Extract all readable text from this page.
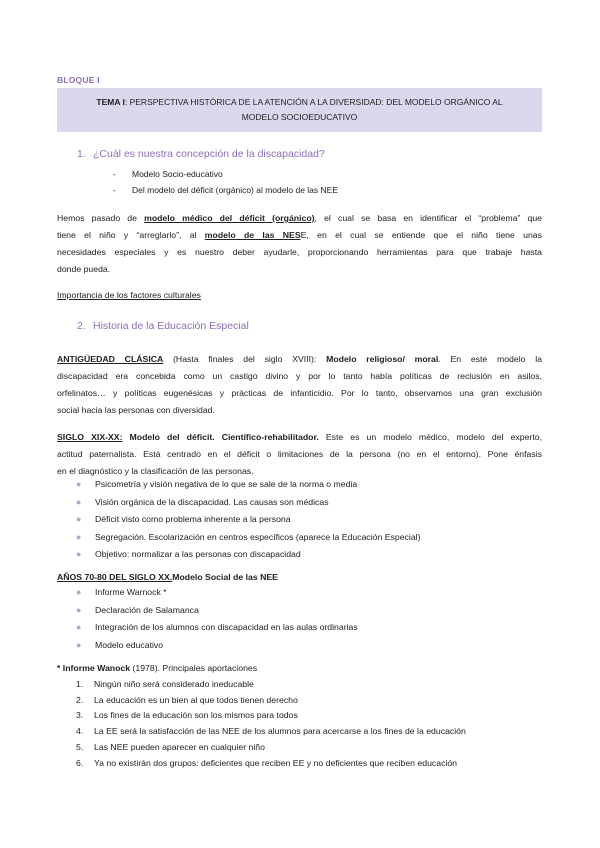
BLOQUE I
TEMA I: PERSPECTIVA HISTÓRICA DE LA ATENCIÓN A LA DIVERSIDAD: DEL MODELO ORGÁNICO AL
MODELO SOCIOEDUCATIVO
1. ¿Cuál es nuestra concepción de la discapacidad?
- Modelo Socio-educativo
- Del modelo del déficit (orgánico) al modelo de las NEE
Hemos pasado de modelo médico del déficit (orgánico), el cual se basa en identificar el “problema” que
tiene el niño y “arreglarlo”, al modelo de las NESE, en el cual se entiende que el niño tiene unas
necesidades especiales y es nuestro deber ayudarle, proporcionando herramientas para que trabaje hasta
donde pueda.
Importancia de los factores culturales
2. Historia de la Educación Especial
ANTIGÜEDAD CLÁSICA (Hasta finales del siglo XVIII): Modelo religioso/ moral. En este modelo la
discapacidad era concebida como un castigo divino y por lo tanto había políticas de reclusión en asilos,
orfelinatos… y políticas eugenésicas y prácticas de infanticidio. Por lo tanto, observamos una gran exclusión
social hacia las personas con diversidad.
SIGLO XIX-XX: Modelo del déficit. Científico-rehabilitador. Este es un modelo médico, modelo del experto,
actitud paternalista. Está centrado en el déficit o limitaciones de la persona (no en el entorno). Pone énfasis
en el diagnóstico y la clasificación de las personas.
● Psicometría y visión negativa de lo que se sale de la norma o media
● Visión orgánica de la discapacidad. Las causas son médicas
● Déficit visto como problema inherente a la persona
● Segregación. Escolarización en centros específicos (aparece la Educación Especial)
● Objetivo: normalizar a las personas con discapacidad
AÑOS 70-80 DEL SIGLO XX.Modelo Social de las NEE
● Informe Warnock *
● Declaración de Salamanca
● Integración de los alumnos con discapacidad en las aulas ordinarias
● Modelo educativo
* Informe Wanock (1978). Principales aportaciones
1. Ningún niño será considerado ineducable
2. La educación es un bien al que todos tienen derecho
3. Los fines de la educación son los mismos para todos
4. La EE será la satisfacción de las NEE de los alumnos para acercarse a los fines de la educación
5. Las NEE pueden aparecer en cualquier niño
6. Ya no existirán dos grupos: deficientes que reciben EE y no deficientes que reciben educación
